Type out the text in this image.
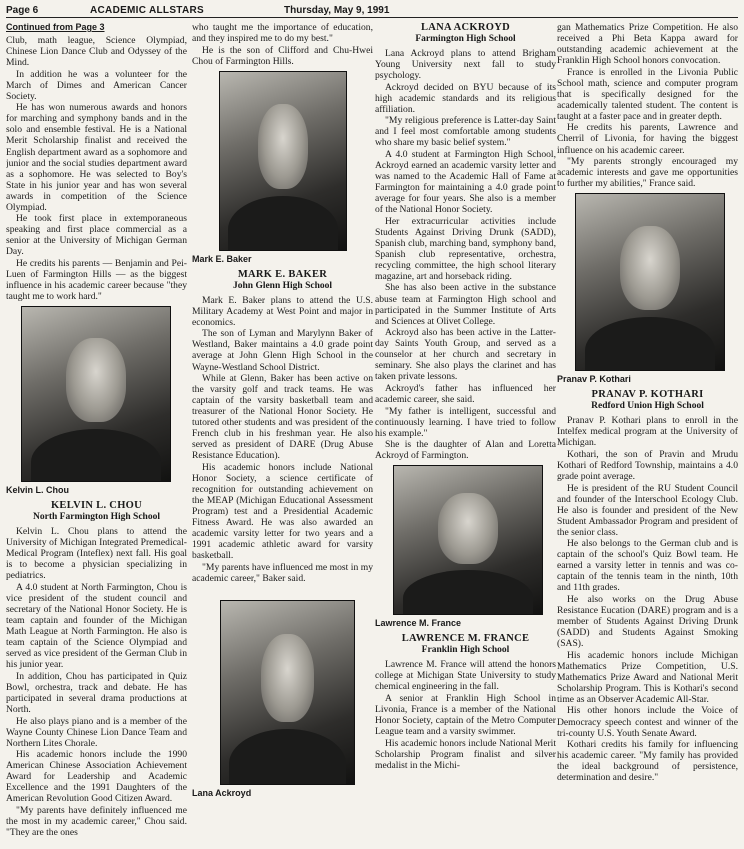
Page 6	ACADEMIC ALLSTARS	Thursday, May 9, 1991
Continued from Page 3

Club, math league, Science Olympiad, Chinese Lion Dance Club and Odyssey of the Mind.

In addition he was a volunteer for the March of Dimes and American Cancer Society.

He has won numerous awards and honors for marching and symphony bands and in the solo and ensemble festival. He is a National Merit Scholarship finalist and received the English department award as a sophomore and junior and the social studies department award as a sophomore. He was selected to Boy's State in his junior year and has won several awards in competition of the Science Olympiad.

He took first place in extemporaneous speaking and first place commercial as a senior at the University of Michigan German Day.

He credits his parents — Benjamin and Pei-Luen of Farmington Hills — as the biggest influence in his academic career because "they taught me to work hard."

Kelvin L. Chou
KELVIN L. CHOU
North Farmington High School

Kelvin L. Chou plans to attend the University of Michigan Integrated Premedical-Medical Program (Inteflex) next fall. His goal is to become a physician specializing in pediatrics.

A 4.0 student at North Farmington, Chou is vice president of the student council and secretary of the National Honor Society. He is team captain and founder of the Michigan Math League at North Farmington. He also is team captain of the Science Olympiad and served as vice president of the German Club in his junior year.

In addition, Chou has participated in Quiz Bowl, orchestra, track and debate. He has participated in several drama productions at North.

He also plays piano and is a member of the Wayne County Chinese Lion Dance Team and Northern Lites Chorale.

His academic honors include the 1990 American Chinese Association Achievement Award for Leadership and Academic Excellence and the 1991 Daughters of the American Revolution Good Citizen Award.

"My parents have definitely influenced me the most in my academic career," Chou said. "They are the ones

who taught me the importance of education, and they inspired me to do my best."

He is the son of Clifford and Chu-Hwei Chou of Farmington Hills.

Mark E. Baker
MARK E. BAKER
John Glenn High School

Mark E. Baker plans to attend the U.S. Military Academy at West Point and major in economics.

The son of Lyman and Marylynn Baker of Westland, Baker maintains a 4.0 grade point average at John Glenn High School in the Wayne-Westland School District.

While at Glenn, Baker has been active on the varsity golf and track teams. He was captain of the varsity basketball team and treasurer of the National Honor Society. He tutored other students and was president of the French club in his freshman year. He also served as president of DARE (Drug Abuse Resistance Education).

His academic honors include National Honor Society, a science certificate of recognition for outstanding achievement on the MEAP (Michigan Educational Assessment Program) test and a Presidential Academic Fitness Award. He was also awarded an academic varsity letter for two years and a 1991 academic athletic award for varsity basketball.

"My parents have influenced me most in my academic career," Baker said.

Lana Ackroyd
LANA ACKROYD
Farmington High School

Lana Ackroyd plans to attend Brigham Young University next fall to study psychology.

Ackroyd decided on BYU because of its high academic standards and its religious affiliation.

"My religious preference is Latter-day Saint and I feel most comfortable among students who share my basic belief system."

A 4.0 student at Farmington High School, Ackroyd earned an academic varsity letter and was named to the Academic Hall of Fame at Farmington for maintaining a 4.0 grade point average for four years. She also is a member of the National Honor Society.

Her extracurricular activities include Students Against Driving Drunk (SADD), Spanish club, marching band, symphony band, Spanish club representative, orchestra, recycling committee, the high school literary magazine, art and horseback riding.

She has also been active in the substance abuse team at Farmington High school and participated in the Summer Institute of Arts and Sciences at Olivet College.

Ackroyd also has been active in the Latter-day Saints Youth Group, and served as a counselor at her church and secretary in seminary. She also plays the clarinet and has taken private lessons.

Ackroyd's father has influenced her academic career, she said.

"My father is intelligent, successful and continuously learning. I have tried to follow his example."

She is the daughter of Alan and Loretta Ackroyd of Farmington.

Lawrence M. France
LAWRENCE M. FRANCE
Franklin High School

Lawrence M. France will attend the honors college at Michigan State University to study chemical engineering in the fall.

A senior at Franklin High School in Livonia, France is a member of the National Honor Society, captain of the Metro Computer League team and a varsity swimmer.

His academic honors include National Merit Scholarship Program finalist and silver medalist in the Michi-

gan Mathematics Prize Competition. He also received a Phi Beta Kappa award for outstanding academic achievement at the Franklin High School honors convocation.

France is enrolled in the Livonia Public School math, science and computer program that is specifically designed for the academically talented student. The content is taught at a faster pace and in greater depth.

He credits his parents, Lawrence and Cherril of Livonia, for having the biggest influence on his academic career.

"My parents strongly encouraged my academic interests and gave me opportunities to further my abilities," France said.

Pranav P. Kothari
PRANAV P. KOTHARI
Redford Union High School

Pranav P. Kothari plans to enroll in the Intelfex medical program at the University of Michigan.

Kothari, the son of Pravin and Mrudu Kothari of Redford Township, maintains a 4.0 grade point average.

He is president of the RU Student Council and founder of the Interschool Ecology Club. He also is founder and president of the New Student Ambassador Program and president of the senior class.

He also belongs to the German club and is captain of the school's Quiz Bowl team. He earned a varsity letter in tennis and was co-captain of the tennis team in the ninth, 10th and 11th grades.

He also works on the Drug Abuse Resistance Eucation (DARE) program and is a member of Students Against Driving Drunk (SADD) and Students Against Smoking (SAS).

His academic honors include Michigan Mathematics Prize Competition, U.S. Mathematics Prize Award and National Merit Scholarship Program. This is Kothari's second time as an Observer Academic All-Star.

His other honors include the Voice of Democracy speech contest and winner of the tri-county U.S. Youth Senate Award.

Kothari credits his family for influencing his academic career. "My family has provided the ideal background of persistence, determination and desire."
